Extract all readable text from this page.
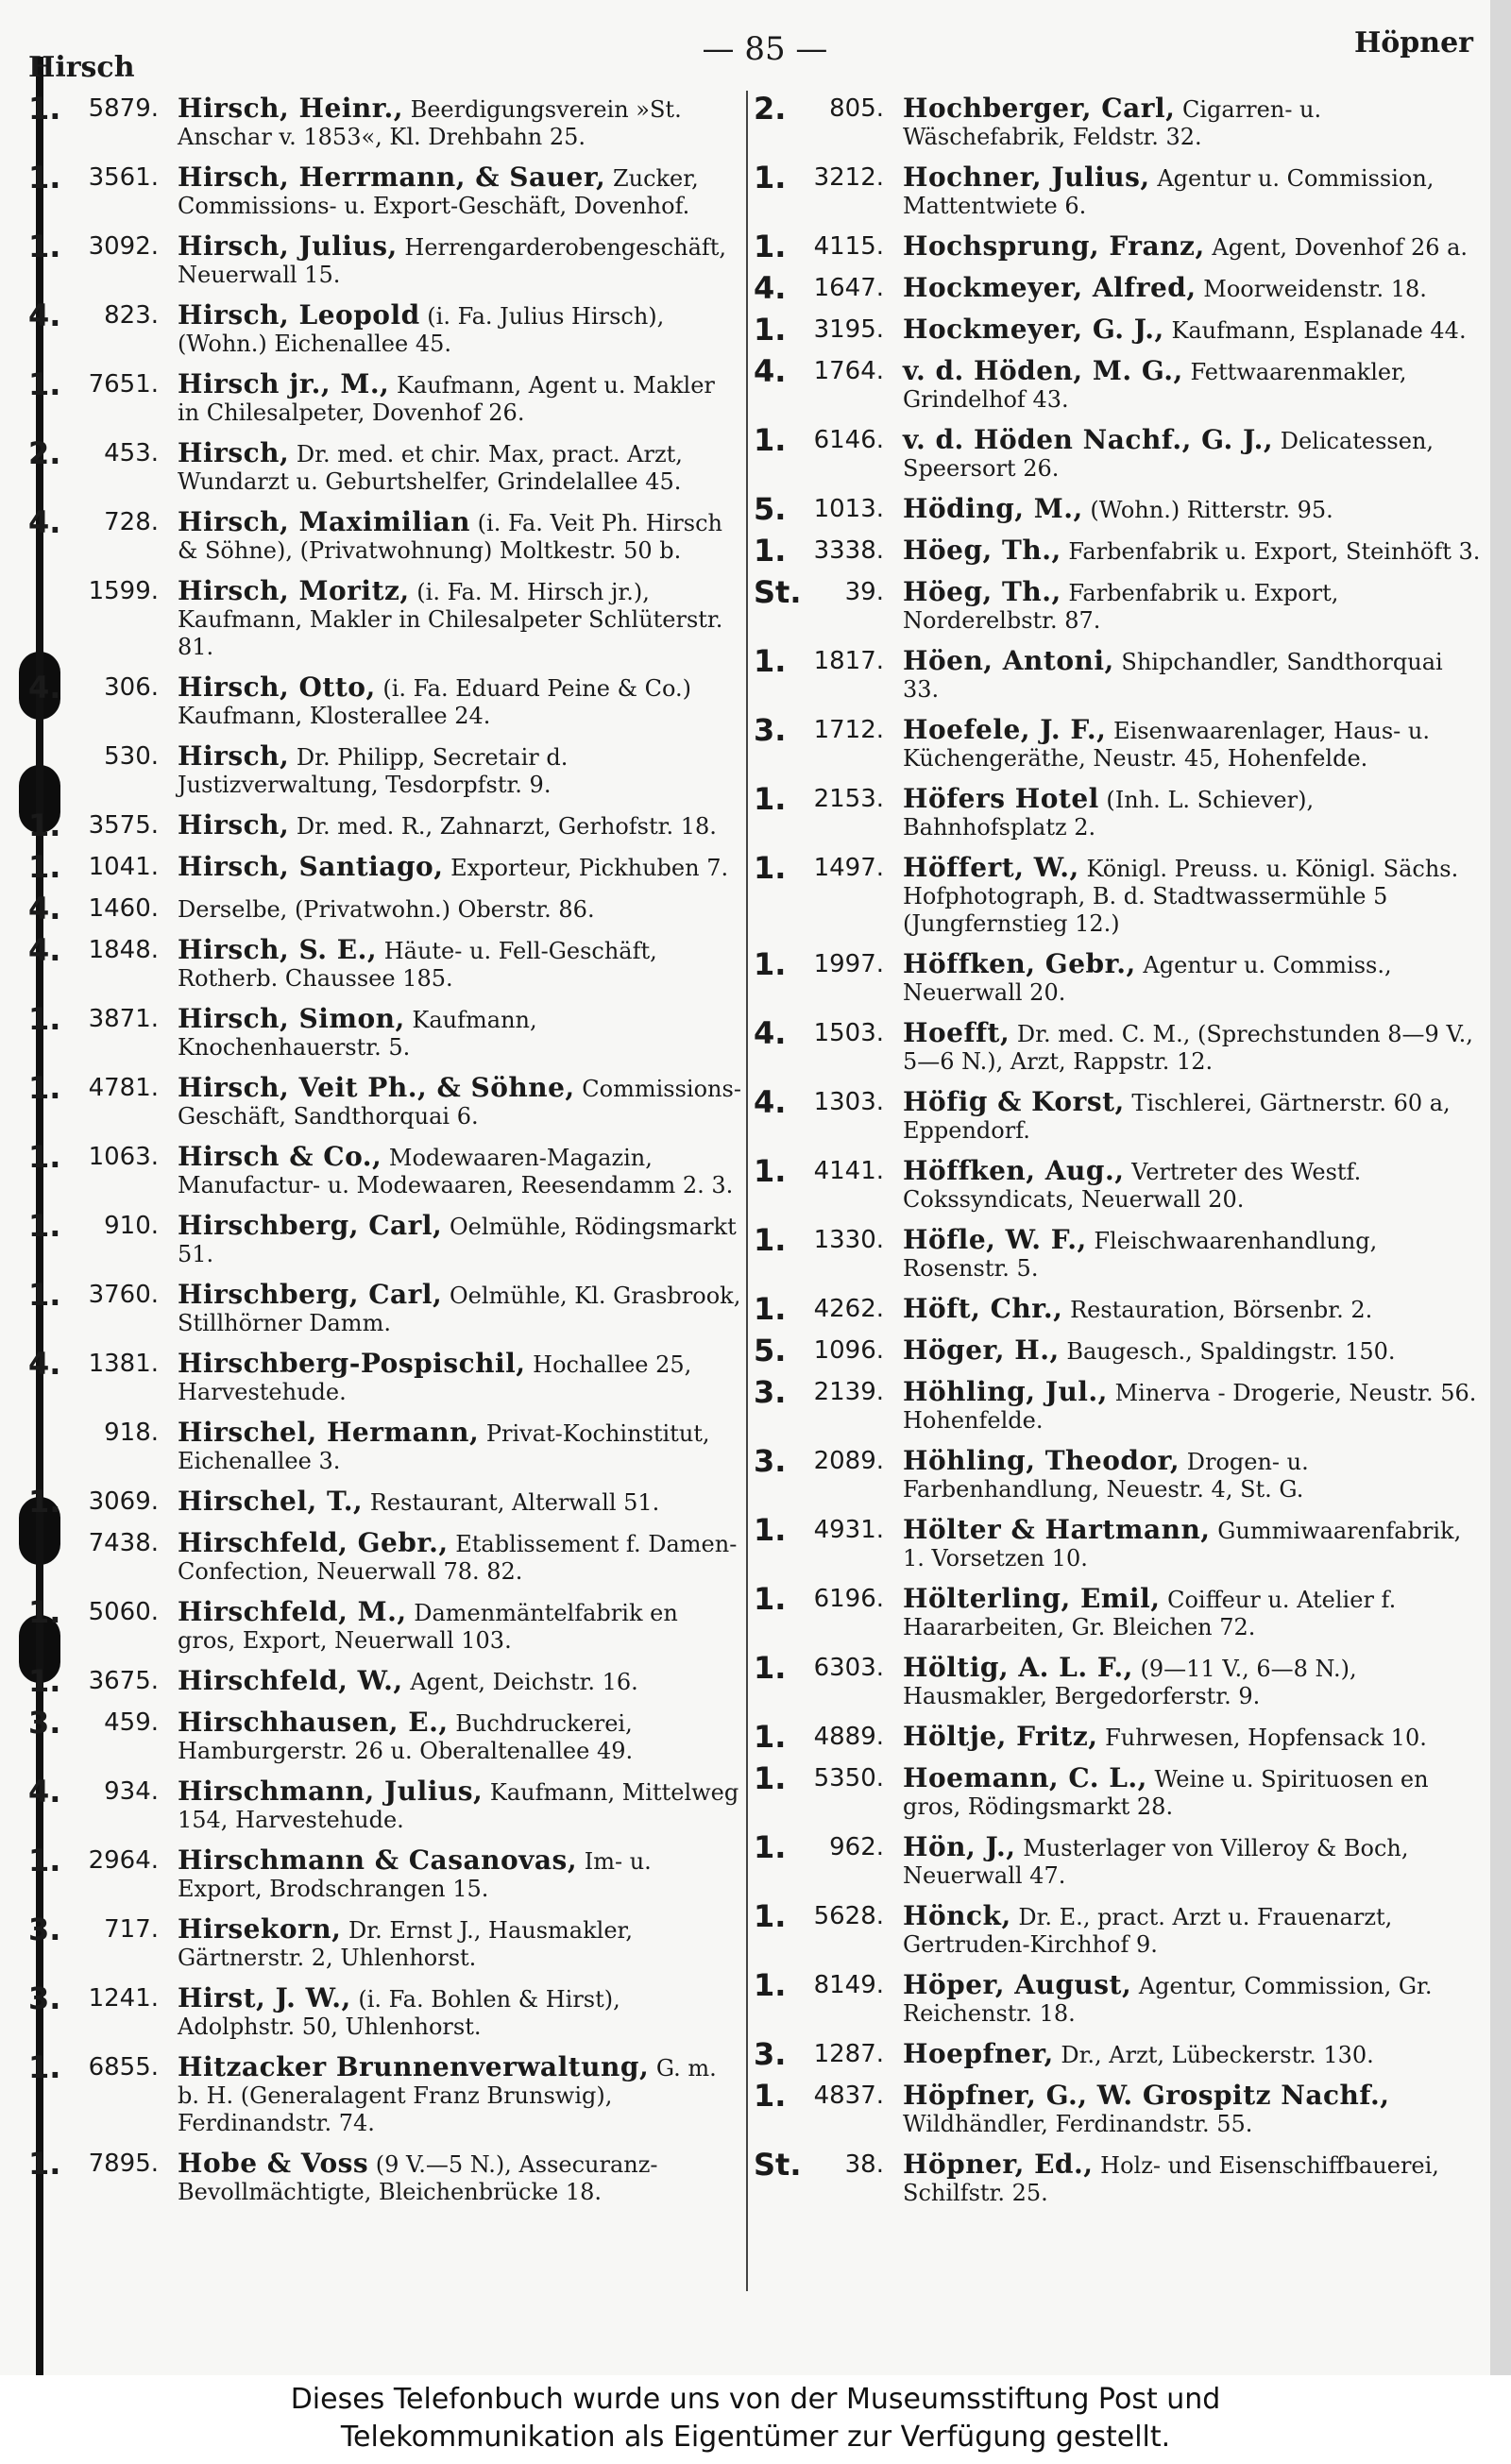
Hirsch	— 85 —	Höpner
1.	5879. Hirsch, Heinr., Beerdigungsverein »St. Anschar v. 1853«, Kl. Drehbahn 25.
1.	3561. Hirsch, Herrmann, & Sauer, Zucker, Commissions- u. Export-Geschäft, Dovenhof.
1.	3092. Hirsch, Julius, Herrengarderobengeschäft, Neuerwall 15.
4.	823. Hirsch, Leopold (i. Fa. Julius Hirsch), (Wohn.) Eichenallee 45.
1.	7651. Hirsch jr., M., Kaufmann, Agent u. Makler in Chilesalpeter, Dovenhof 26.
2.	453. Hirsch, Dr. med. et chir. Max, pract. Arzt, Wundarzt u. Geburtshelfer, Grindelallee 45.
4.	728. Hirsch, Maximilian (i. Fa. Veit Ph. Hirsch & Söhne), (Privatwohnung) Moltkestr. 50 b.
1599. Hirsch, Moritz, (i. Fa. M. Hirsch jr.), Kaufmann, Makler in Chilesalpeter Schlüterstr. 81.
4.	306. Hirsch, Otto, (i. Fa. Eduard Peine & Co.) Kaufmann, Klosterallee 24.
530. Hirsch, Dr. Philipp, Secretair d. Justizverwaltung, Tesdorpfstr. 9.
1.	3575. Hirsch, Dr. med. R., Zahnarzt, Gerhofstr. 18.
1.	1041. Hirsch, Santiago, Exporteur, Pickhuben 7.
4.	1460. Derselbe, (Privatwohn.) Oberstr. 86.
4.	1848. Hirsch, S. E., Häute- u. Fell-Geschäft, Rotherb. Chaussee 185.
1.	3871. Hirsch, Simon, Kaufmann, Knochenhauerstr. 5.
1.	4781. Hirsch, Veit Ph., & Söhne, Commissions-Geschäft, Sandthorquai 6.
1.	1063. Hirsch & Co., Modewaaren-Magazin, Manufactur- u. Modewaaren, Reesendamm 2. 3.
1.	910. Hirschberg, Carl, Oelmühle, Rödingsmarkt 51.
1.	3760. Hirschberg, Carl, Oelmühle, Kl. Grasbrook, Stillhörner Damm.
4.	1381. Hirschberg-Pospischil, Hochallee 25, Harvestehude.
918. Hirschel, Hermann, Privat-Kochinstitut, Eichenallee 3.
1.	3069. Hirschel, T., Restaurant, Alterwall 51.
7438. Hirschfeld, Gebr., Etablissement f. Damen-Confection, Neuerwall 78. 82.
1.	5060. Hirschfeld, M., Damenmäntelfabrik en gros, Export, Neuerwall 103.
1.	3675. Hirschfeld, W., Agent, Deichstr. 16.
3.	459. Hirschhausen, E., Buchdruckerei, Hamburgerstr. 26 u. Oberaltenallee 49.
4.	934. Hirschmann, Julius, Kaufmann, Mittelweg 154, Harvestehude.
1.	2964. Hirschmann & Casanovas, Im- u. Export, Brodschrangen 15.
3.	717. Hirsekorn, Dr. Ernst J., Hausmakler, Gärtnerstr. 2, Uhlenhorst.
3.	1241. Hirst, J. W., (i. Fa. Bohlen & Hirst), Adolphstr. 50, Uhlenhorst.
1.	6855. Hitzacker Brunnenverwaltung, G. m. b. H. (Generalagent Franz Brunswig), Ferdinandstr. 74.
1.	7895. Hobe & Voss (9 V.—5 N.), Assecuranz-Bevollmächtigte, Bleichenbrücke 18.
2.	805. Hochberger, Carl, Cigarren- u. Wäschefabrik, Feldstr. 32.
1.	3212. Hochner, Julius, Agentur u. Commission, Mattentwiete 6.
1.	4115. Hochsprung, Franz, Agent, Dovenhof 26 a.
4.	1647. Hockmeyer, Alfred, Moorweidenstr. 18.
1.	3195. Hockmeyer, G. J., Kaufmann, Esplanade 44.
4.	1764. v. d. Höden, M. G., Fettwaarenmakler, Grindelhof 43.
1.	6146. v. d. Höden Nachf., G. J., Delicatessen, Speersort 26.
5.	1013. Höding, M., (Wohn.) Ritterstr. 95.
1.	3338. Höeg, Th., Farbenfabrik u. Export, Steinhöft 3.
St.	39. Höeg, Th., Farbenfabrik u. Export, Norderelbstr. 87.
1.	1817. Höen, Antoni, Shipchandler, Sandthorquai 33.
3.	1712. Hoefele, J. F., Eisenwaarenlager, Haus- u. Küchengeräthe, Neustr. 45, Hohenfelde.
1.	2153. Höfers Hotel (Inh. L. Schiever), Bahnhofsplatz 2.
1.	1497. Höffert, W., Königl. Preuss. u. Königl. Sächs. Hofphotograph, B. d. Stadtwassermühle 5 (Jungfernstieg 12.)
1.	1997. Höffken, Gebr., Agentur u. Commiss., Neuerwall 20.
4.	1503. Hoefft, Dr. med. C. M., (Sprechstunden 8—9 V., 5—6 N.), Arzt, Rappstr. 12.
4.	1303. Höfig & Korst, Tischlerei, Gärtnerstr. 60 a, Eppendorf.
1.	4141. Höffken, Aug., Vertreter des Westf. Cokssyndicats, Neuerwall 20.
1.	1330. Höfle, W. F., Fleischwaarenhandlung, Rosenstr. 5.
1.	4262. Höft, Chr., Restauration, Börsenbr. 2.
5.	1096. Höger, H., Baugesch., Spaldingstr. 150.
3.	2139. Höhling, Jul., Minerva - Drogerie, Neustr. 56. Hohenfelde.
3.	2089. Höhling, Theodor, Drogen- u. Farbenhandlung, Neuestr. 4, St. G.
1.	4931. Hölter & Hartmann, Gummiwaarenfabrik, 1. Vorsetzen 10.
1.	6196. Hölterling, Emil, Coiffeur u. Atelier f. Haararbeiten, Gr. Bleichen 72.
1.	6303. Höltig, A. L. F., (9—11 V., 6—8 N.), Hausmakler, Bergedorferstr. 9.
1.	4889. Höltje, Fritz, Fuhrwesen, Hopfensack 10.
1.	5350. Hoemann, C. L., Weine u. Spirituosen en gros, Rödingsmarkt 28.
1.	962. Hön, J., Musterlager von Villeroy & Boch, Neuerwall 47.
1.	5628. Hönck, Dr. E., pract. Arzt u. Frauenarzt, Gertruden-Kirchhof 9.
1.	8149. Höper, August, Agentur, Commission, Gr. Reichenstr. 18.
3.	1287. Hoepfner, Dr., Arzt, Lübeckerstr. 130.
1.	4837. Höpfner, G., W. Grospitz Nachf., Wildhändler, Ferdinandstr. 55.
St.	38. Höpner, Ed., Holz- und Eisenschiffbauerei, Schilfstr. 25.
Dieses Telefonbuch wurde uns von der Museumsstiftung Post und
Telekommunikation als Eigentümer zur Verfügung gestellt.
